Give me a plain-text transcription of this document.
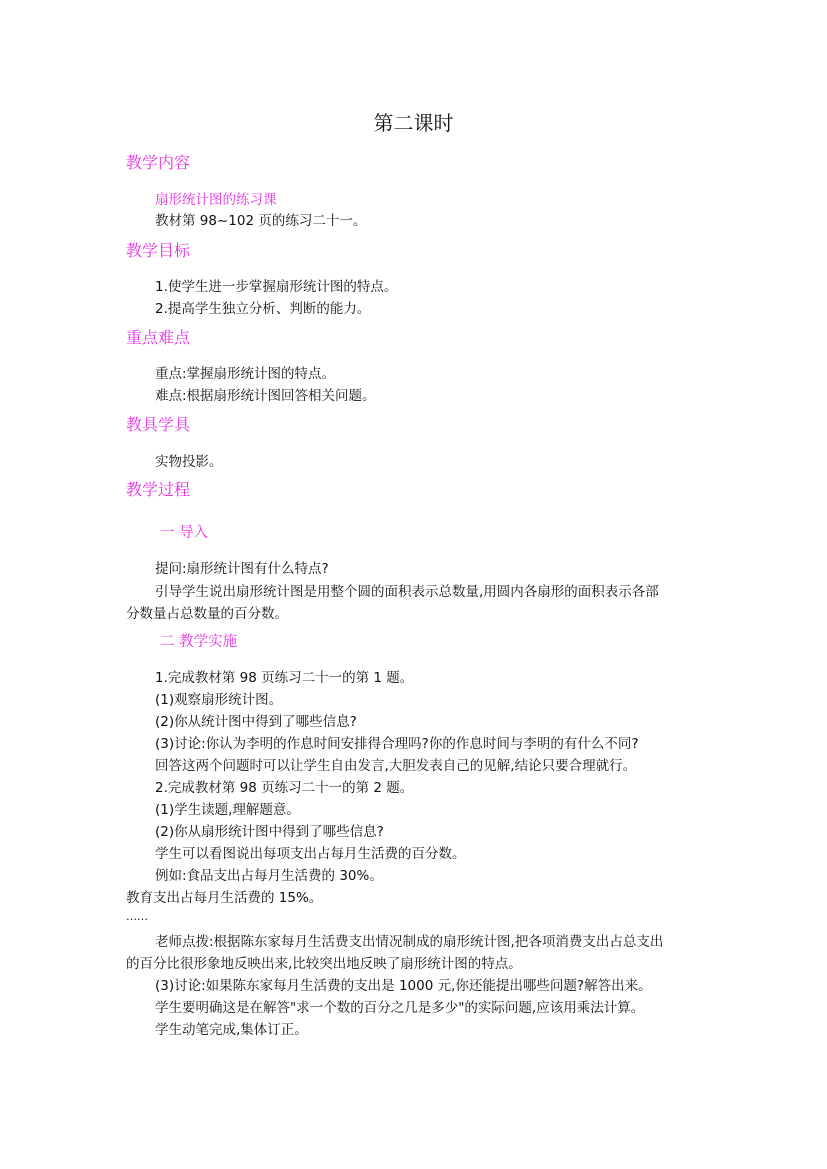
第二课时
教学内容
扇形统计图的练习课
教材第 98~102 页的练习二十一。
教学目标
1.使学生进一步掌握扇形统计图的特点。
2.提高学生独立分析、判断的能力。
重点难点
重点:掌握扇形统计图的特点。
难点:根据扇形统计图回答相关问题。
教具学具
实物投影。
教学过程
一 导入
提问:扇形统计图有什么特点?
引导学生说出扇形统计图是用整个圆的面积表示总数量,用圆内各扇形的面积表示各部
分数量占总数量的百分数。
二 教学实施
1.完成教材第 98 页练习二十一的第 1 题。
(1)观察扇形统计图。
(2)你从统计图中得到了哪些信息?
(3)讨论:你认为李明的作息时间安排得合理吗?你的作息时间与李明的有什么不同?
回答这两个问题时可以让学生自由发言,大胆发表自己的见解,结论只要合理就行。
2.完成教材第 98 页练习二十一的第 2 题。
(1)学生读题,理解题意。
(2)你从扇形统计图中得到了哪些信息?
学生可以看图说出每项支出占每月生活费的百分数。
例如:食品支出占每月生活费的 30%。
教育支出占每月生活费的 15%。
……
老师点拨:根据陈东家每月生活费支出情况制成的扇形统计图,把各项消费支出占总支出
的百分比很形象地反映出来,比较突出地反映了扇形统计图的特点。
(3)讨论:如果陈东家每月生活费的支出是 1000 元,你还能提出哪些问题?解答出来。
学生要明确这是在解答"求一个数的百分之几是多少"的实际问题,应该用乘法计算。
学生动笔完成,集体订正。
